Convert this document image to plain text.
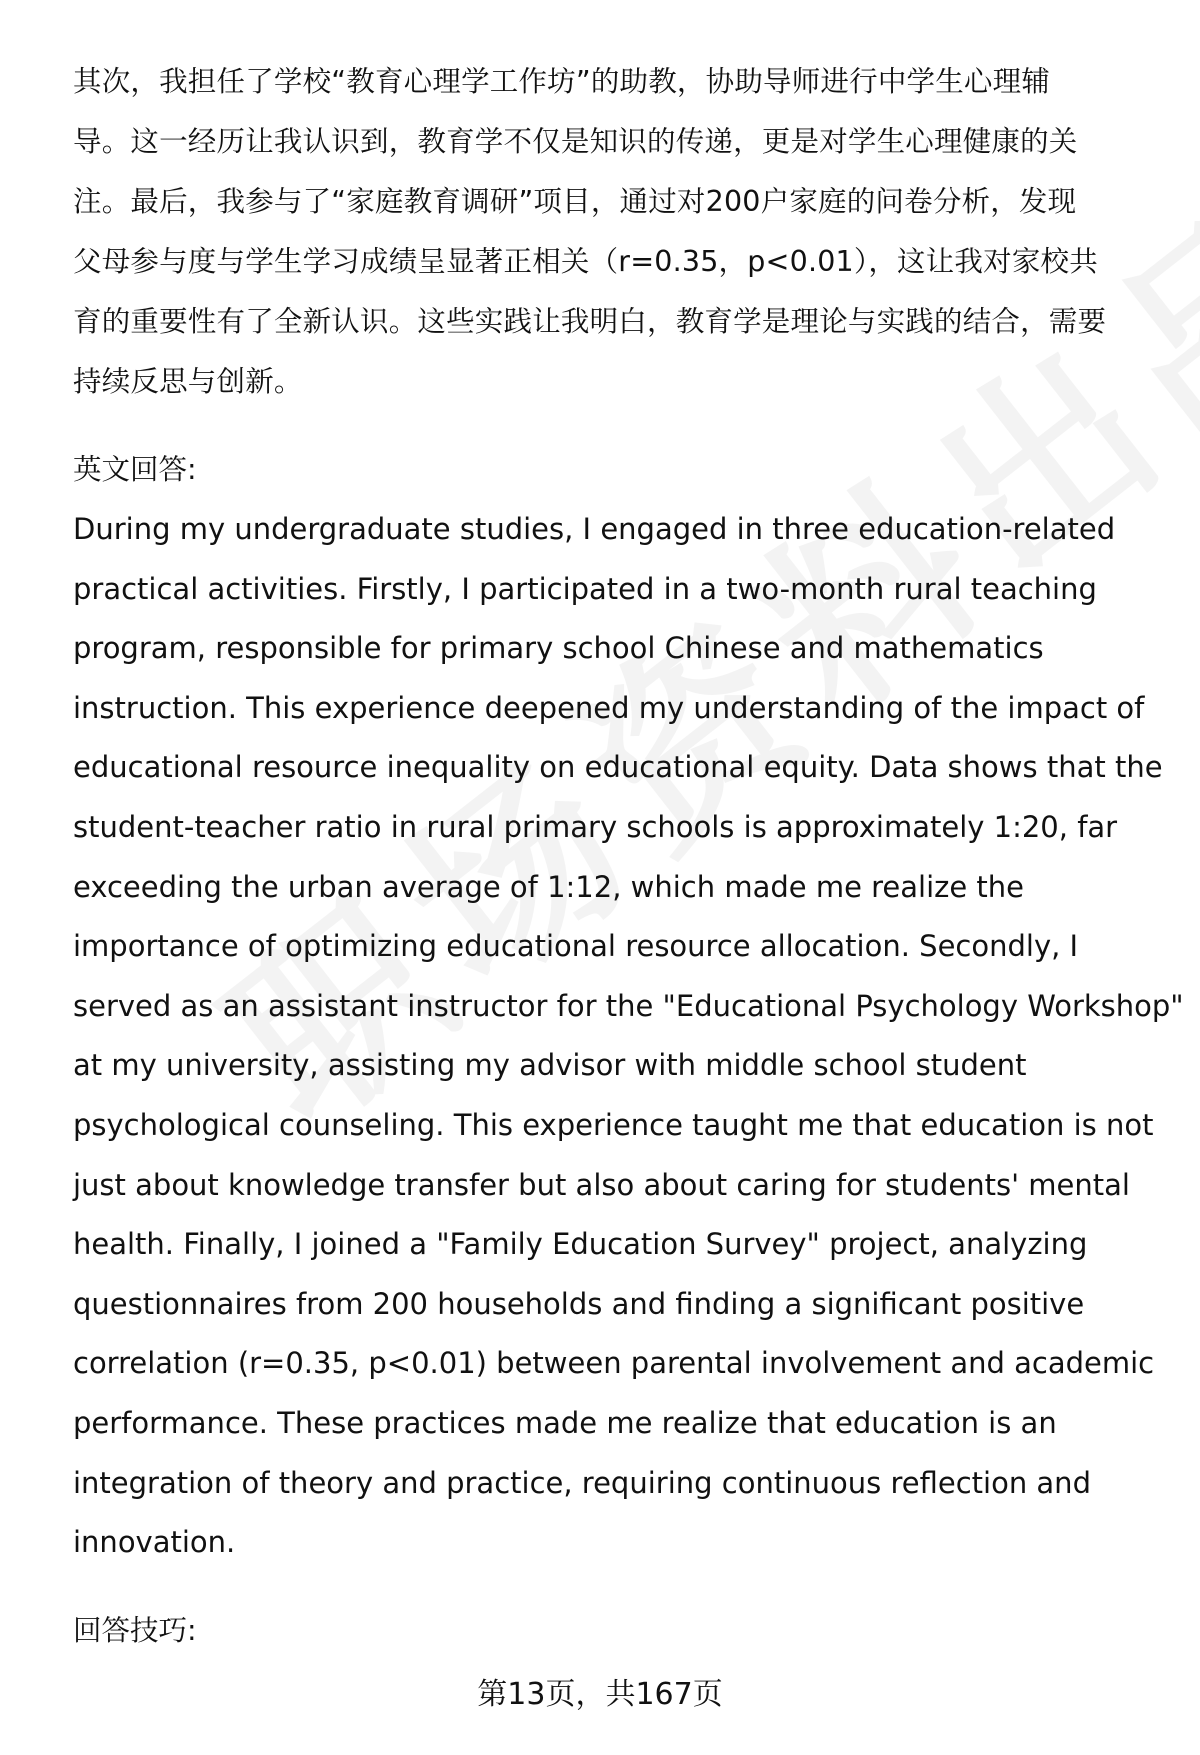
其次，我担任了学校“教育心理学工作坊”的助教，协助导师进行中学生心理辅
导。这一经历让我认识到，教育学不仅是知识的传递，更是对学生心理健康的关
注。最后，我参与了“家庭教育调研”项目，通过对200户家庭的问卷分析，发现
父母参与度与学生学习成绩呈显著正相关（r=0.35，p<0.01），这让我对家校共
育的重要性有了全新认识。这些实践让我明白，教育学是理论与实践的结合，需要
持续反思与创新。

英文回答:

During my undergraduate studies, I engaged in three education-related
practical activities. Firstly, I participated in a two-month rural teaching
program, responsible for primary school Chinese and mathematics
instruction. This experience deepened my understanding of the impact of
educational resource inequality on educational equity. Data shows that the
student-teacher ratio in rural primary schools is approximately 1:20, far
exceeding the urban average of 1:12, which made me realize the
importance of optimizing educational resource allocation. Secondly, I
served as an assistant instructor for the "Educational Psychology Workshop"
at my university, assisting my advisor with middle school student
psychological counseling. This experience taught me that education is not
just about knowledge transfer but also about caring for students' mental
health. Finally, I joined a "Family Education Survey" project, analyzing
questionnaires from 200 households and finding a significant positive
correlation (r=0.35, p<0.01) between parental involvement and academic
performance. These practices made me realize that education is an
integration of theory and practice, requiring continuous reflection and
innovation.

回答技巧:
第13页，共167页
